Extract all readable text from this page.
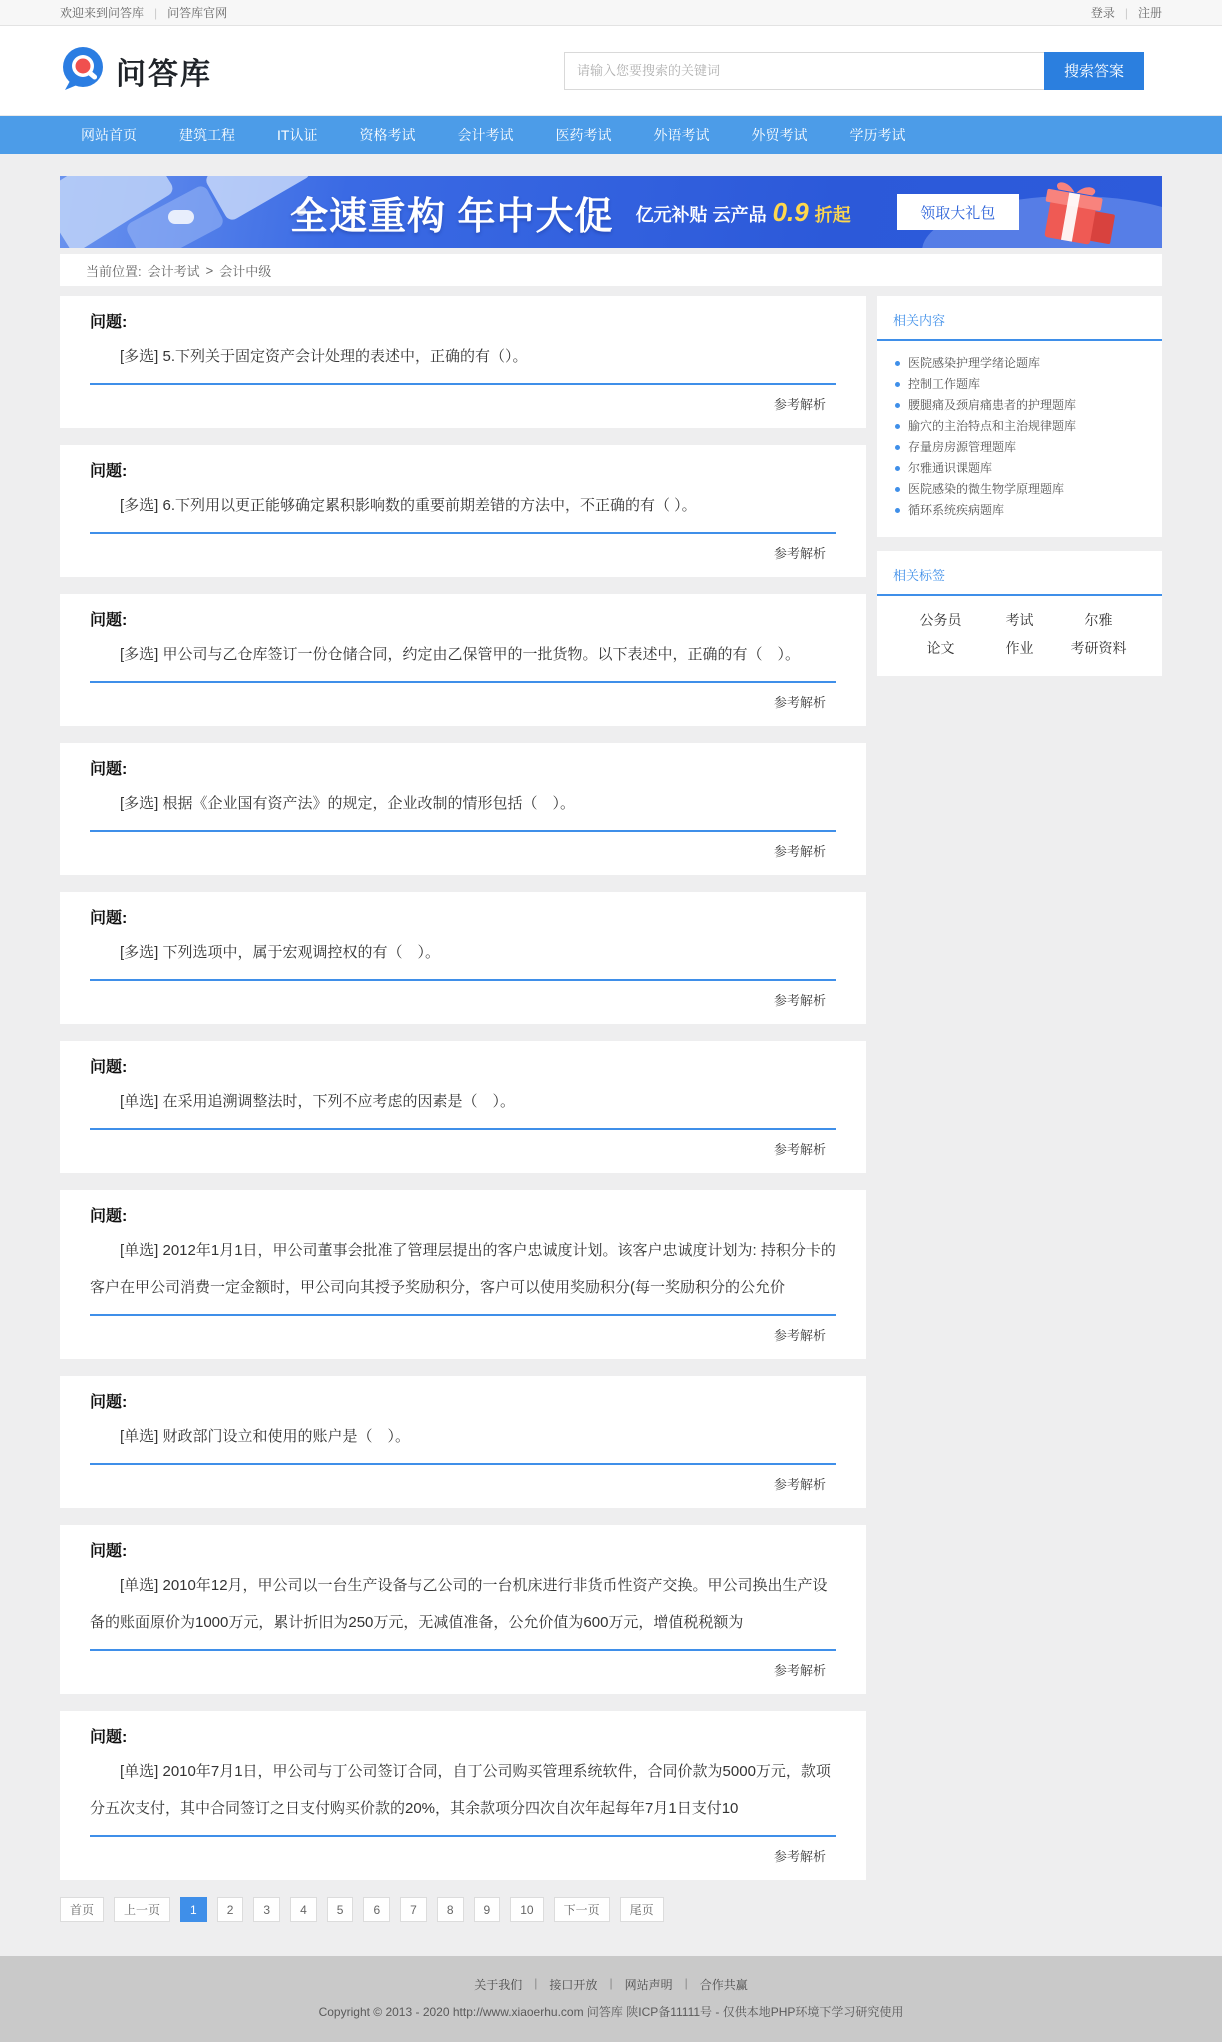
欢迎来到问答库 | 问答库官网	登录 | 注册
问答库
请输入您要搜索的关键词	搜索答案
网站首页	建筑工程	IT认证	资格考试	会计考试	医药考试	外语考试	外贸考试	学历考试
全速重构 年中大促 亿元补贴 云产品 0.9 折起	领取大礼包
当前位置: 会计考试 > 会计中级
问题:
[多选] 5.下列关于固定资产会计处理的表述中，正确的有（）。
参考解析
问题:
[多选] 6.下列用以更正能够确定累积影响数的重要前期差错的方法中，不正确的有（ ）。
参考解析
问题:
[多选] 甲公司与乙仓库签订一份仓储合同，约定由乙保管甲的一批货物。以下表述中，正确的有（　）。
参考解析
问题:
[多选] 根据《企业国有资产法》的规定，企业改制的情形包括（　）。
参考解析
问题:
[多选] 下列选项中，属于宏观调控权的有（　）。
参考解析
问题:
[单选] 在采用追溯调整法时，下列不应考虑的因素是（　）。
参考解析
问题:
[单选] 2012年1月1日，甲公司董事会批准了管理层提出的客户忠诚度计划。该客户忠诚度计划为: 持积分卡的客户在甲公司消费一定金额时，甲公司向其授予奖励积分，客户可以使用奖励积分(每一奖励积分的公允价
参考解析
问题:
[单选] 财政部门设立和使用的账户是（　）。
参考解析
问题:
[单选] 2010年12月，甲公司以一台生产设备与乙公司的一台机床进行非货币性资产交换。甲公司换出生产设备的账面原价为1000万元，累计折旧为250万元，无减值准备，公允价值为600万元，增值税税额为
参考解析
问题:
[单选] 2010年7月1日，甲公司与丁公司签订合同，自丁公司购买管理系统软件，合同价款为5000万元，款项分五次支付，其中合同签订之日支付购买价款的20%，其余款项分四次自次年起每年7月1日支付10
参考解析
首页	上一页	1	2	3	4	5	6	7	8	9	10	下一页	尾页
相关内容
医院感染护理学绪论题库
控制工作题库
腰腿痛及颈肩痛患者的护理题库
腧穴的主治特点和主治规律题库
存量房房源管理题库
尔雅通识课题库
医院感染的微生物学原理题库
循环系统疾病题库
相关标签
公务员	考试	尔雅
论文	作业	考研资料
关于我们 | 接口开放 | 网站声明 | 合作共赢
Copyright © 2013 - 2020 http://www.xiaoerhu.com 问答库 陕ICP备11111号 - 仅供本地PHP环境下学习研究使用
